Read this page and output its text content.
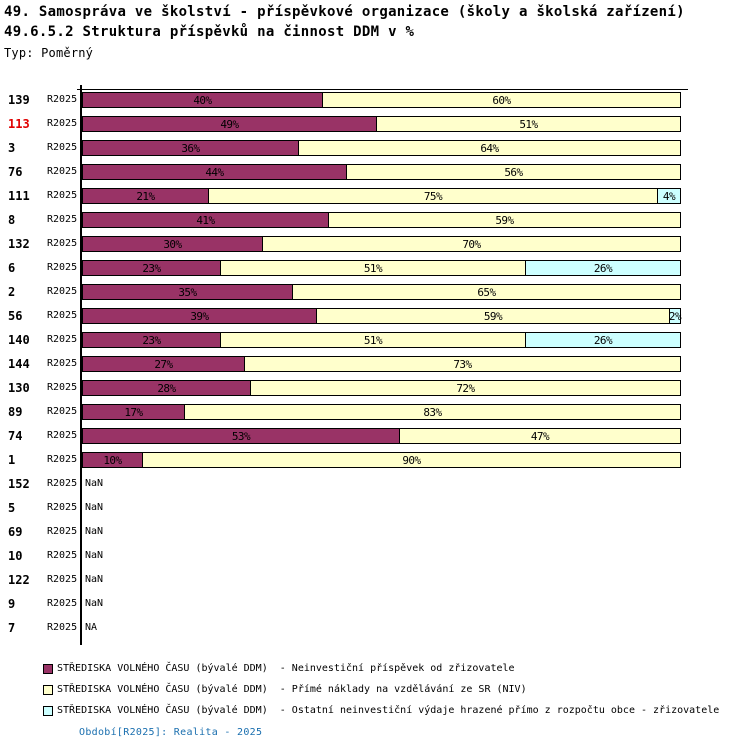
49. Samospráva ve školství - příspěvkové organizace (školy a školská zařízení)
49.6.5.2 Struktura příspěvků na činnost DDM v %
Typ: Poměrný
139 R2025	40%	60%
113 R2025	49%	51%
3	R2025	36%	64%
76 R2025	44%	56%
111 R2025	21%	75%	4%
8	R2025	41%	59%
132 R2025	30%	70%
6	R2025	23%	51%	26%
2	R2025	35%	65%
56 R2025	39%	59%	2%
140 R2025	23%	51%	26%
144 R2025	27%	73%
130 R2025	28%	72%
89 R2025	17%	83%
74 R2025	53%	47%
1	R2025	10%	90%
152 R2025 NaN
5	R2025 NaN
69 R2025 NaN
10 R2025 NaN
122 R2025 NaN
9	R2025 NaN
7	R2025 NA
STŘEDISKA VOLNÉHO ČASU (bývalé DDM)  - Neinvestiční příspěvek od zřizovatele
STŘEDISKA VOLNÉHO ČASU (bývalé DDM)  - Přímé náklady na vzdělávání ze SR (NIV)
STŘEDISKA VOLNÉHO ČASU (bývalé DDM)  - Ostatní neinvestiční výdaje hrazené přímo z rozpočtu obce - zřizovatele
Období[R2025]: Realita - 2025
